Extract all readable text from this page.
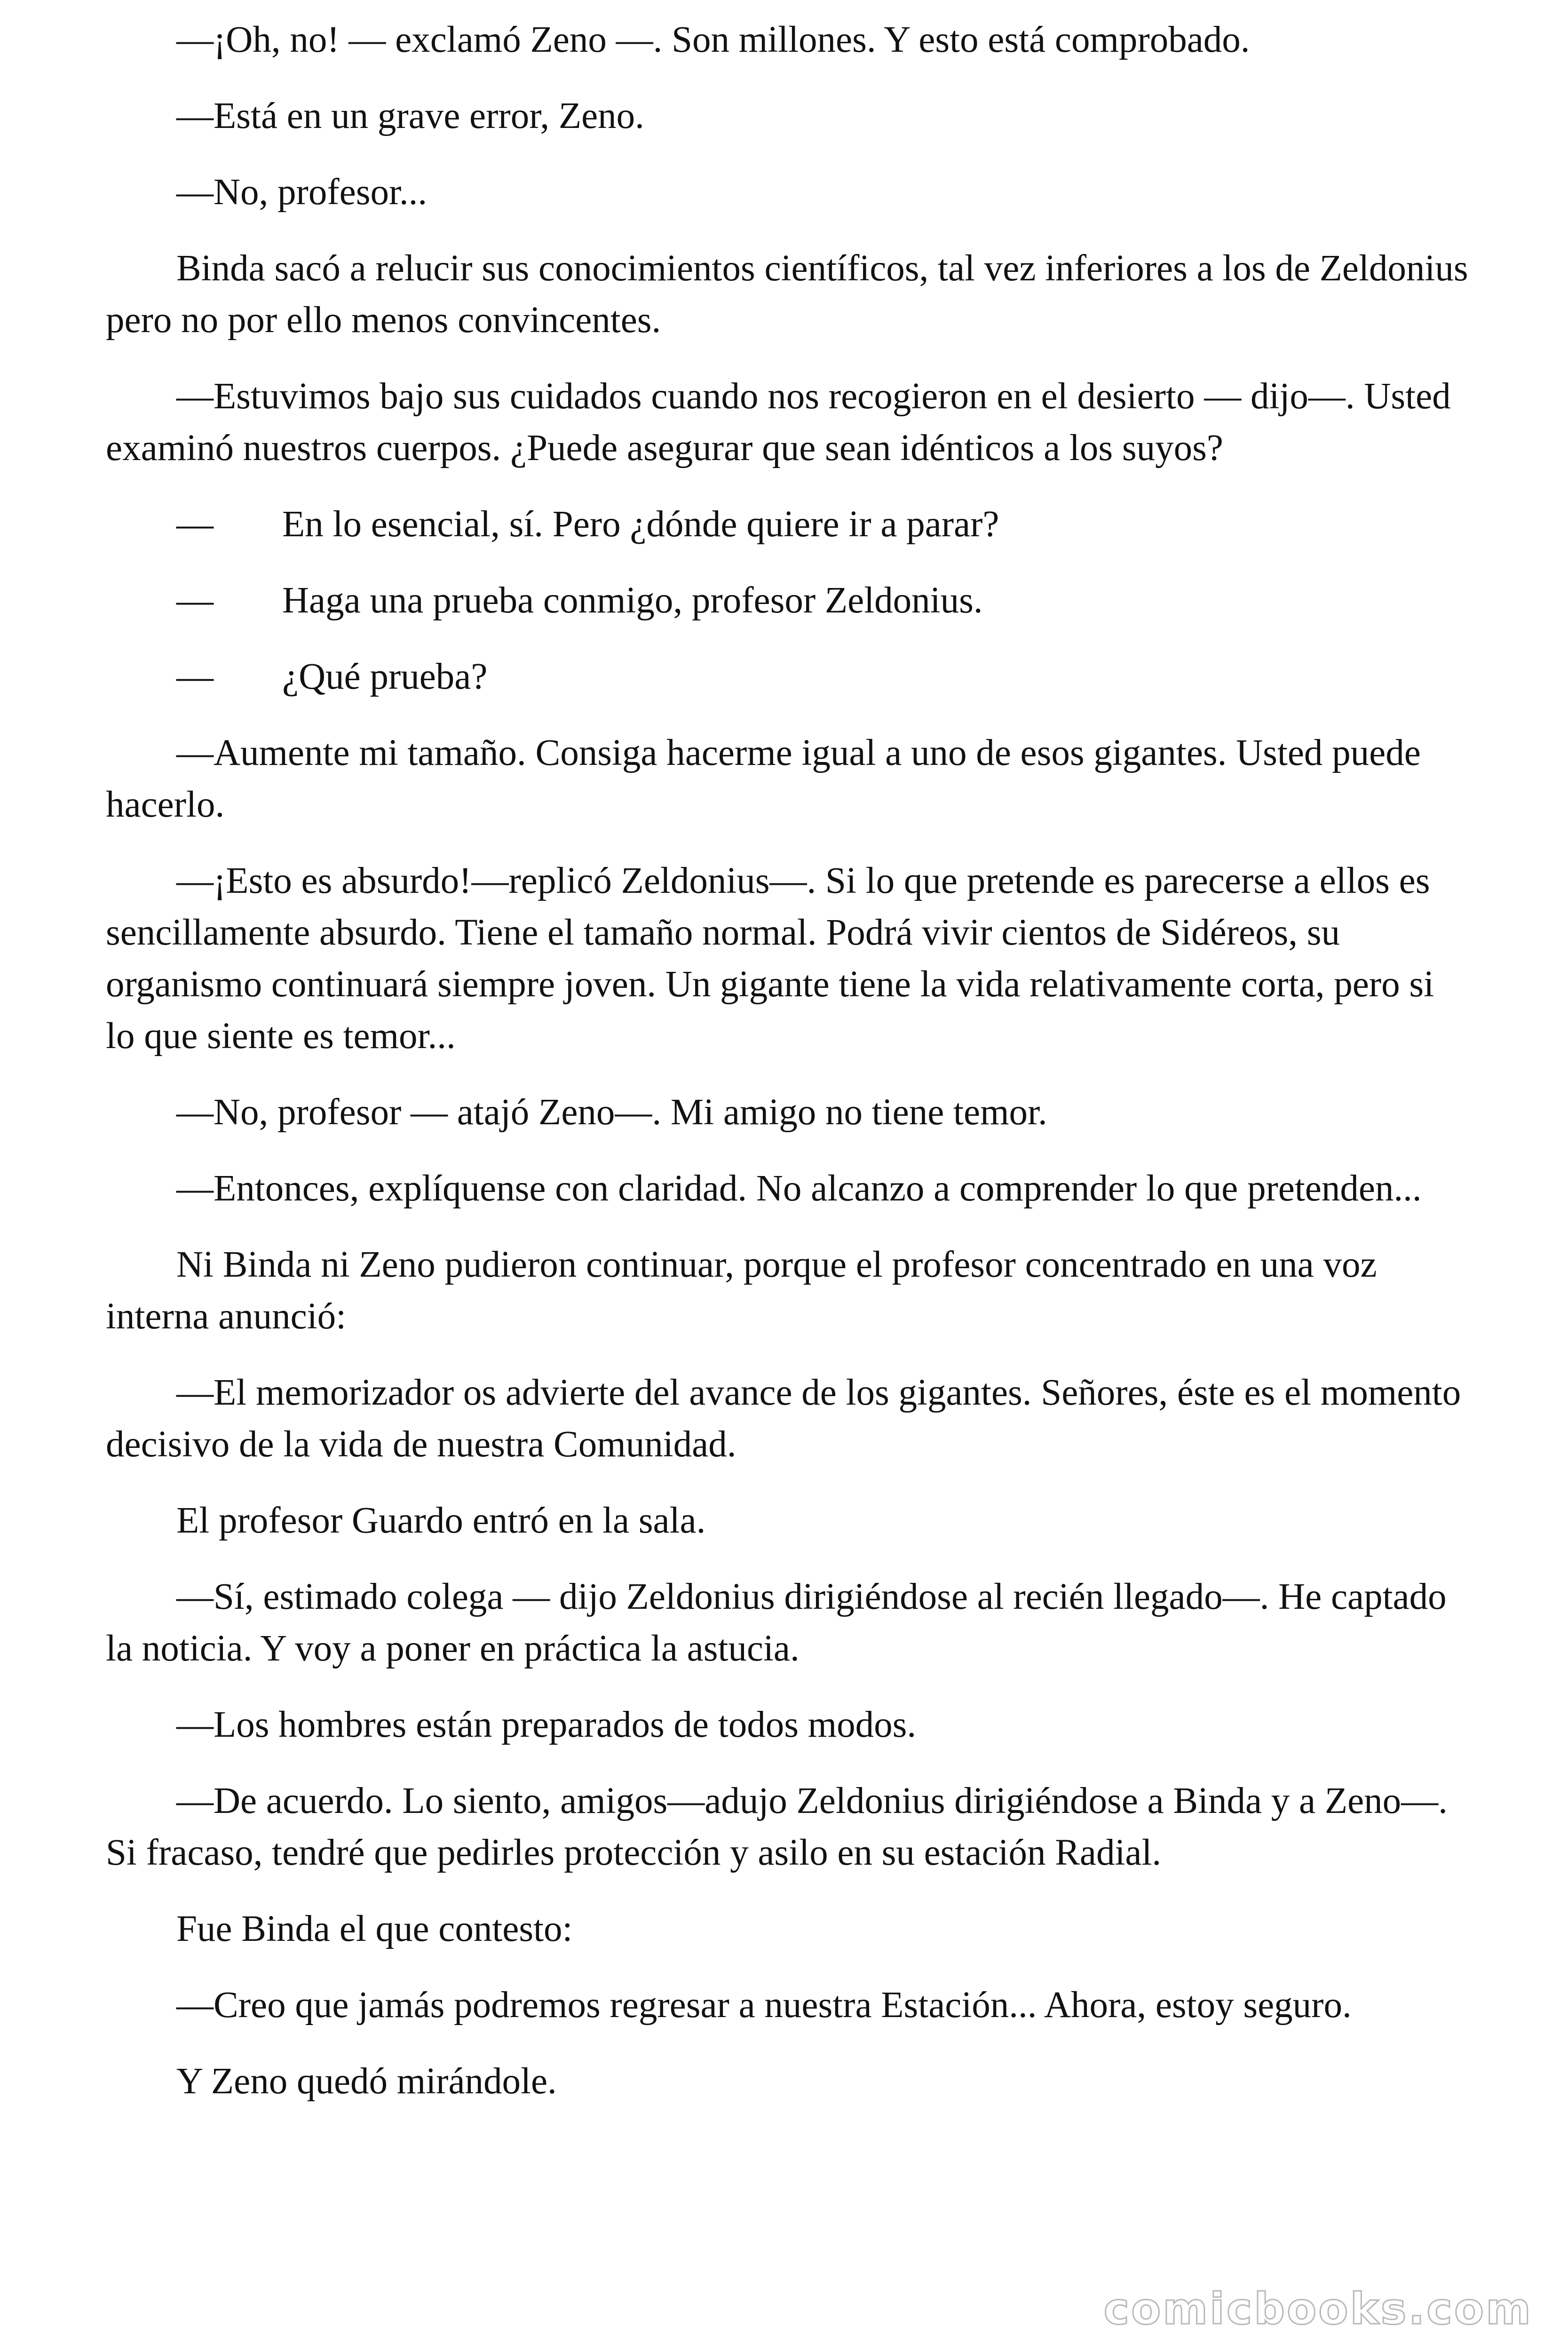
—¡Oh, no! — exclamó Zeno —. Son millones. Y esto está comprobado.

—Está en un grave error, Zeno.

—No, profesor...

Binda sacó a relucir sus conocimientos científicos, tal vez inferiores a los de Zeldonius pero no por ello menos convincentes.

—Estuvimos bajo sus cuidados cuando nos recogieron en el desierto — dijo—. Usted examinó nuestros cuerpos. ¿Puede asegurar que sean idénticos a los suyos?

—	En lo esencial, sí. Pero ¿dónde quiere ir a parar?
—	Haga una prueba conmigo, profesor Zeldonius.
—	¿Qué prueba?

—Aumente mi tamaño. Consiga hacerme igual a uno de esos gigantes. Usted puede hacerlo.

—¡Esto es absurdo!—replicó Zeldonius—. Si lo que pretende es parecerse a ellos es sencillamente absurdo. Tiene el tamaño normal. Podrá vivir cientos de Sidéreos, su organismo continuará siempre joven. Un gigante tiene la vida relativamente corta, pero si lo que siente es temor...

—No, profesor — atajó Zeno—. Mi amigo no tiene temor.

—Entonces, explíquense con claridad. No alcanzo a comprender lo que pretenden...

Ni Binda ni Zeno pudieron continuar, porque el profesor concentrado en una voz interna anunció:

—El memorizador os advierte del avance de los gigantes. Señores, éste es el momento decisivo de la vida de nuestra Comunidad.

El profesor Guardo entró en la sala.

—Sí, estimado colega — dijo Zeldonius dirigiéndose al recién llegado—. He captado la noticia. Y voy a poner en práctica la astucia.

—Los hombres están preparados de todos modos.

—De acuerdo. Lo siento, amigos—adujo Zeldonius dirigiéndose a Binda y a Zeno—. Si fracaso, tendré que pedirles protección y asilo en su estación Radial.

Fue Binda el que contesto:

—Creo que jamás podremos regresar a nuestra Estación... Ahora, estoy seguro.

Y Zeno quedó mirándole.

comicbooks.com
